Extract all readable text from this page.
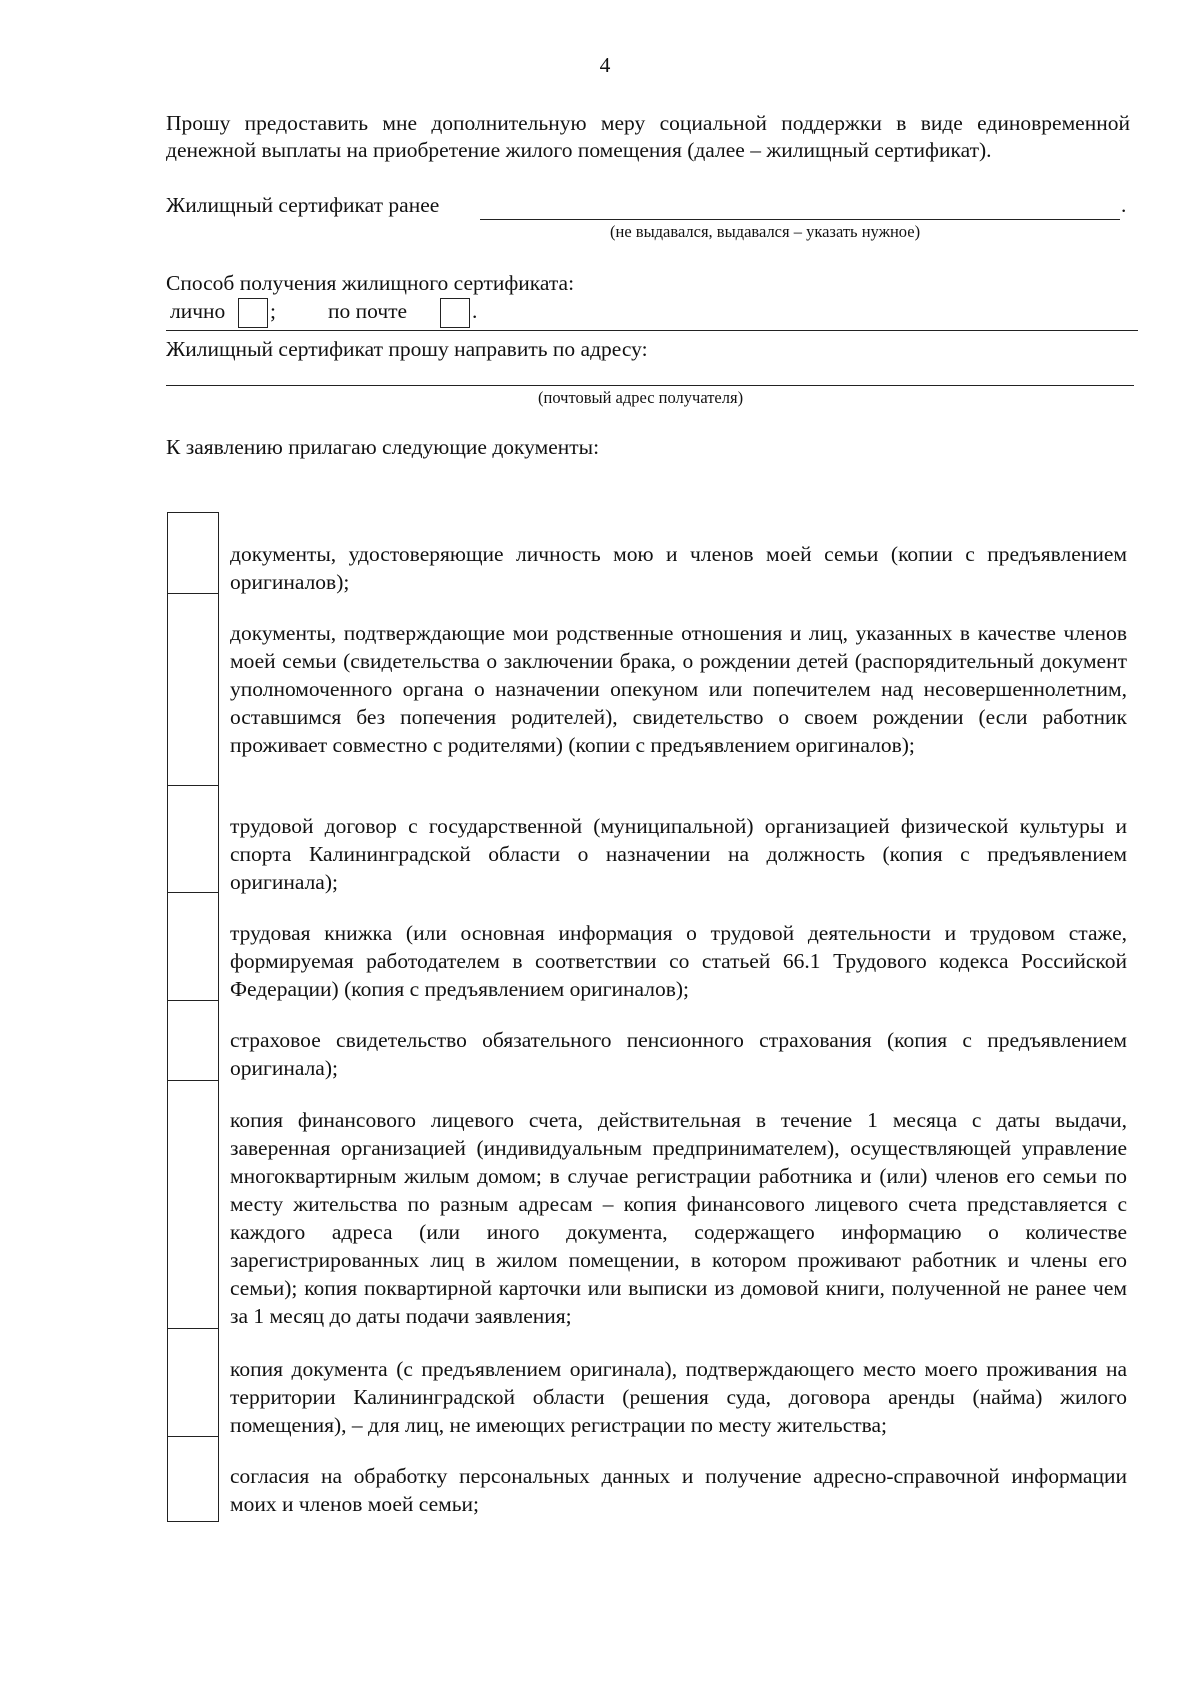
4
Прошу предоставить мне дополнительную меру социальной поддержки в виде единовременной денежной выплаты на приобретение жилого помещения (далее – жилищный сертификат).
Жилищный сертификат ранее	.
(не выдавался, выдавался – указать нужное)
Способ получения жилищного сертификата:
лично ; по почте	.
Жилищный сертификат прошу направить по адресу:
(почтовый адрес получателя)
К заявлению прилагаю следующие документы:
документы, удостоверяющие личность мою и членов моей семьи (копии с предъявлением оригиналов);
документы, подтверждающие мои родственные отношения и лиц, указанных в качестве членов моей семьи (свидетельства о заключении брака, о рождении детей (распорядительный документ уполномоченного органа о назначении опекуном или попечителем над несовершеннолетним, оставшимся без попечения родителей), свидетельство о своем рождении (если работник проживает совместно с родителями) (копии с предъявлением оригиналов);
трудовой договор с государственной (муниципальной) организацией физической культуры и спорта Калининградской области о назначении на должность (копия с предъявлением оригинала);
трудовая книжка (или основная информация о трудовой деятельности и трудовом стаже, формируемая работодателем в соответствии со статьей 66.1 Трудового кодекса Российской Федерации) (копия с предъявлением оригиналов);
страховое свидетельство обязательного пенсионного страхования (копия с предъявлением оригинала);
копия финансового лицевого счета, действительная в течение 1 месяца с даты выдачи, заверенная организацией (индивидуальным предпринимателем), осуществляющей управление многоквартирным жилым домом; в случае регистрации работника и (или) членов его семьи по месту жительства по разным адресам – копия финансового лицевого счета представляется с каждого адреса (или иного документа, содержащего информацию о количестве зарегистрированных лиц в жилом помещении, в котором проживают работник и члены его семьи); копия поквартирной карточки или выписки из домовой книги, полученной не ранее чем за 1 месяц до даты подачи заявления;
копия документа (с предъявлением оригинала), подтверждающего место моего проживания на территории Калининградской области (решения суда, договора аренды (найма) жилого помещения), – для лиц, не имеющих регистрации по месту жительства;
согласия на обработку персональных данных и получение адресно-справочной информации моих и членов моей семьи;
